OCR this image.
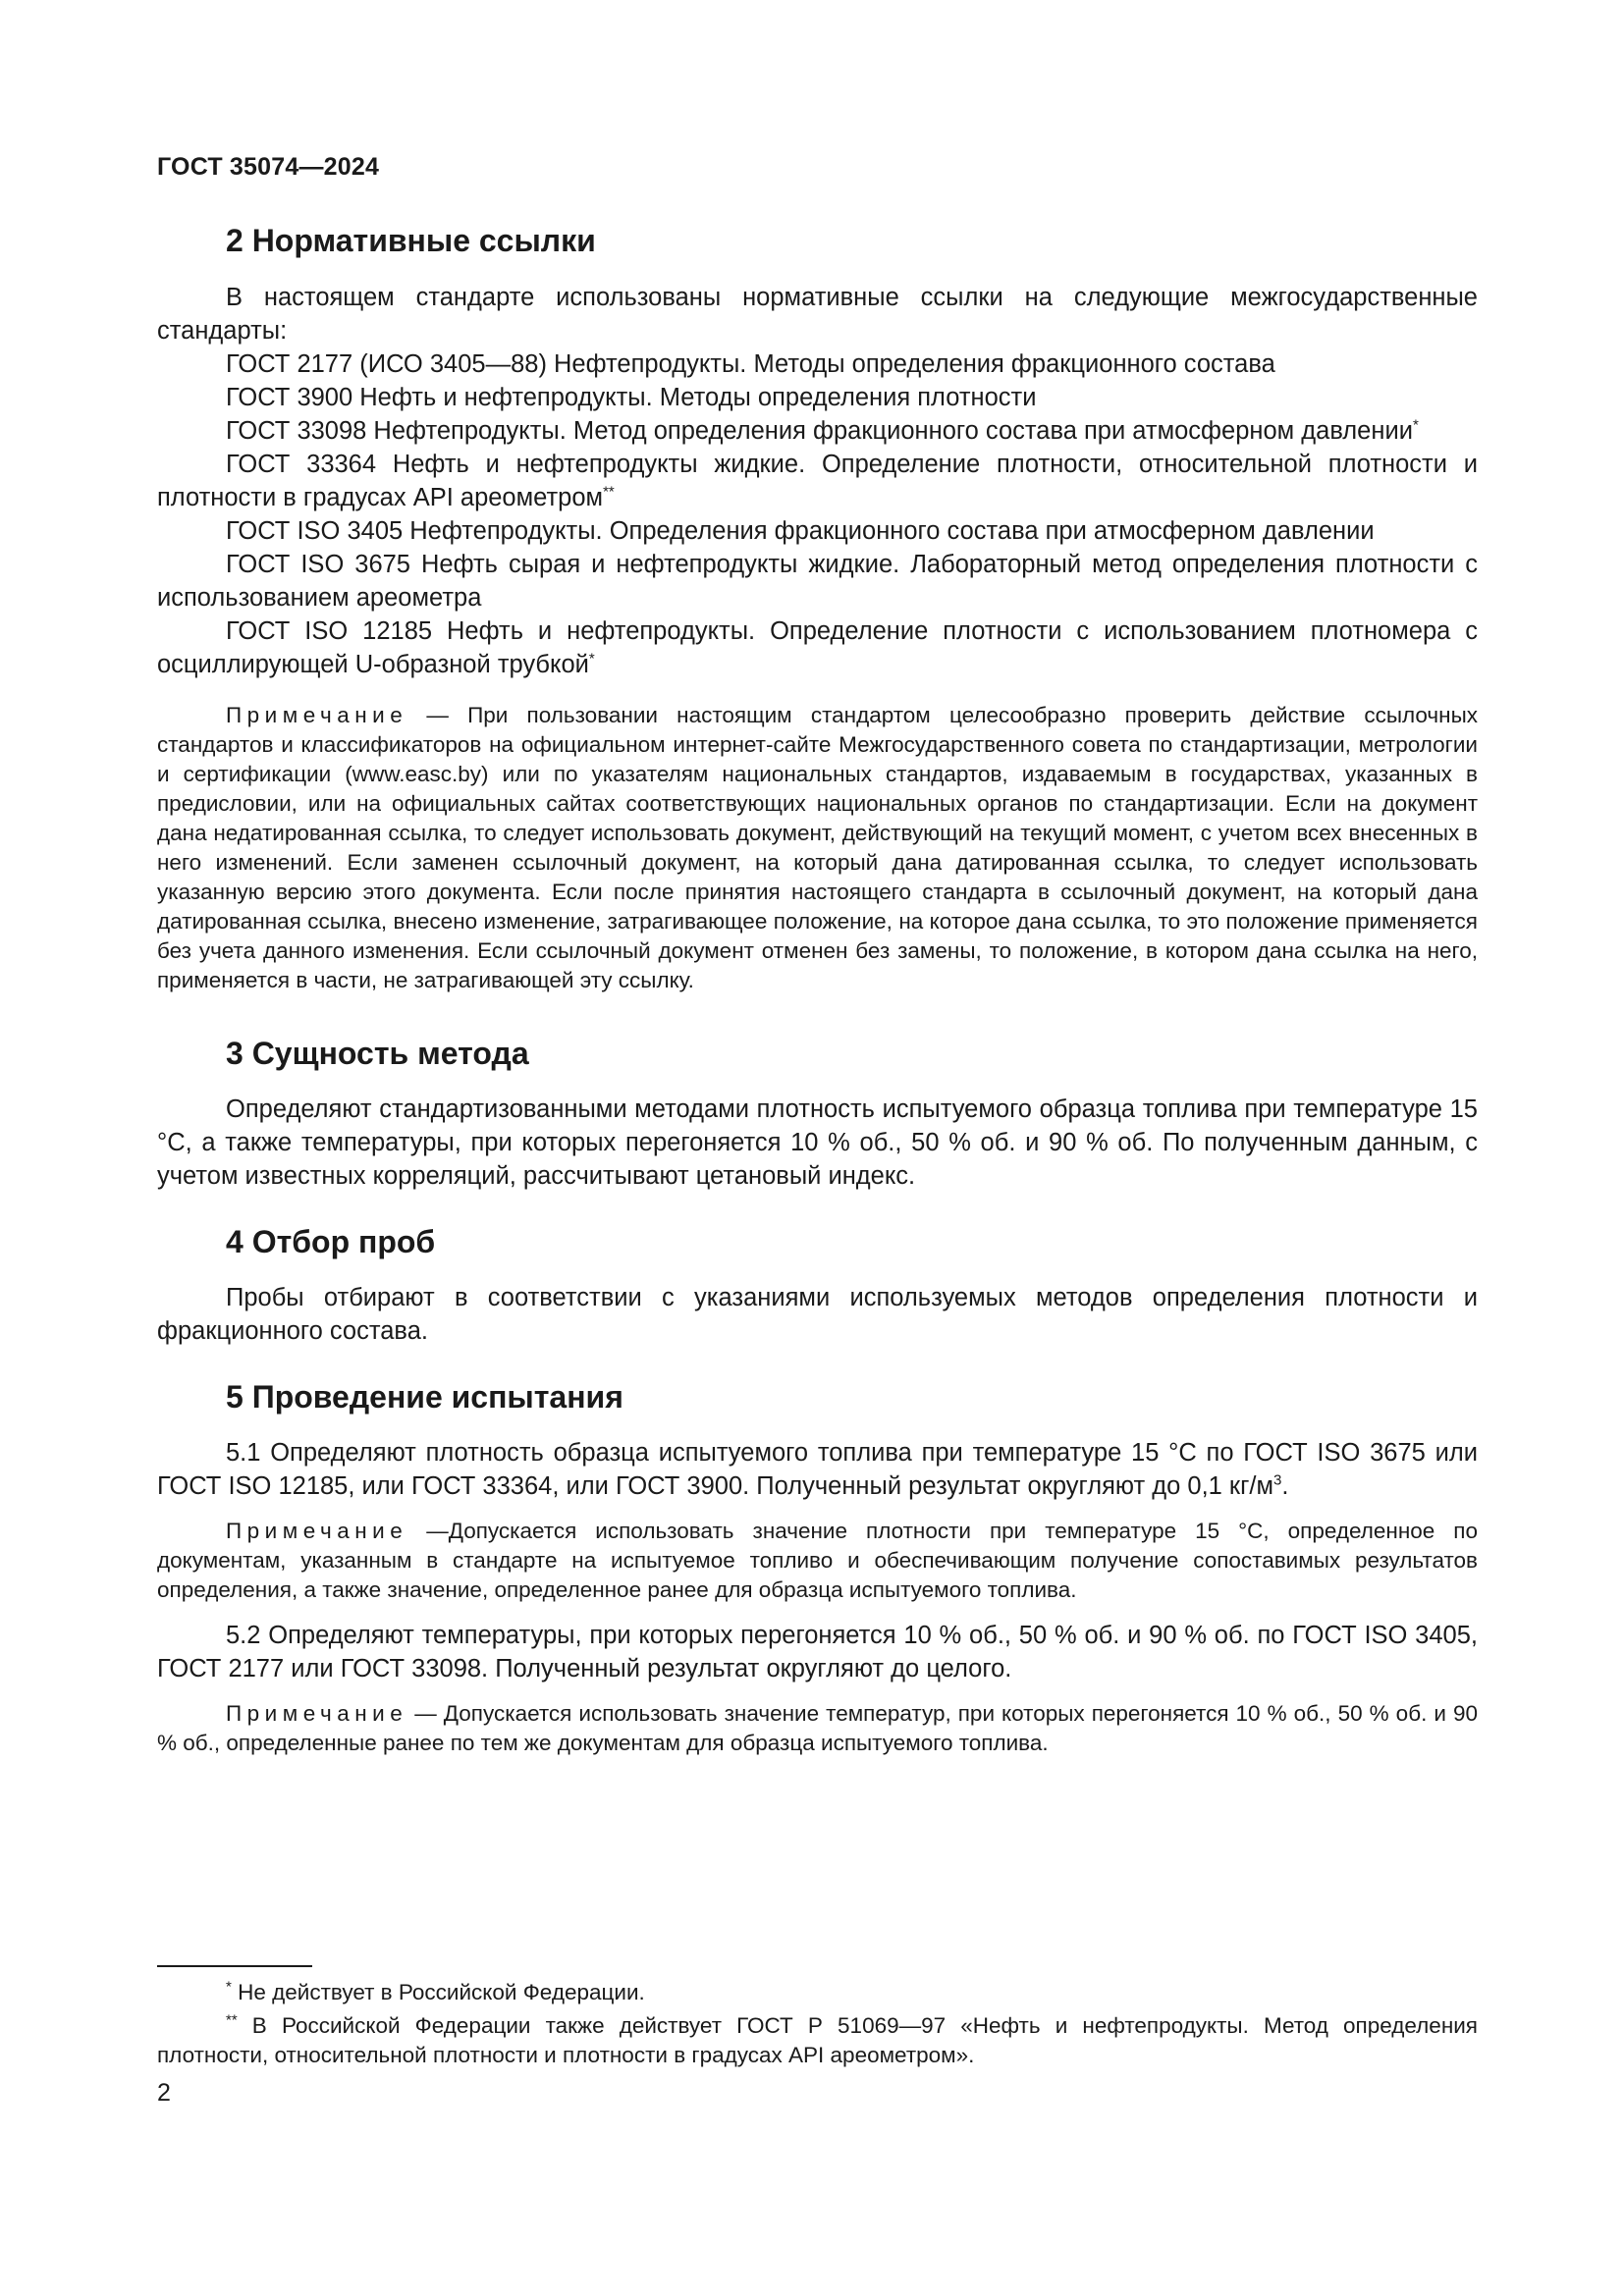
ГОСТ 35074—2024
2 Нормативные ссылки

В настоящем стандарте использованы нормативные ссылки на следующие межгосударственные стандарты:

ГОСТ 2177 (ИСО 3405—88) Нефтепродукты. Методы определения фракционного состава

ГОСТ 3900 Нефть и нефтепродукты. Методы определения плотности

ГОСТ 33098 Нефтепродукты. Метод определения фракционного состава при атмосферном давлении*

ГОСТ 33364 Нефть и нефтепродукты жидкие. Определение плотности, относительной плотности и плотности в градусах API ареометром**

ГОСТ ISO 3405 Нефтепродукты. Определения фракционного состава при атмосферном давлении

ГОСТ ISO 3675 Нефть сырая и нефтепродукты жидкие. Лабораторный метод определения плотности с использованием ареометра

ГОСТ ISO 12185 Нефть и нефтепродукты. Определение плотности с использованием плотномера с осциллирующей U-образной трубкой*

Примечание — При пользовании настоящим стандартом целесообразно проверить действие ссылочных стандартов и классификаторов на официальном интернет-сайте Межгосударственного совета по стандартизации, метрологии и сертификации (www.easc.by) или по указателям национальных стандартов, издаваемым в государствах, указанных в предисловии, или на официальных сайтах соответствующих национальных органов по стандартизации. Если на документ дана недатированная ссылка, то следует использовать документ, действующий на текущий момент, с учетом всех внесенных в него изменений. Если заменен ссылочный документ, на который дана датированная ссылка, то следует использовать указанную версию этого документа. Если после принятия настоящего стандарта в ссылочный документ, на который дана датированная ссылка, внесено изменение, затрагивающее положение, на которое дана ссылка, то это положение применяется без учета данного изменения. Если ссылочный документ отменен без замены, то положение, в котором дана ссылка на него, применяется в части, не затрагивающей эту ссылку.

3 Сущность метода

Определяют стандартизованными методами плотность испытуемого образца топлива при температуре 15 °C, а также температуры, при которых перегоняется 10 % об., 50 % об. и 90 % об. По полученным данным, с учетом известных корреляций, рассчитывают цетановый индекс.

4 Отбор проб

Пробы отбирают в соответствии с указаниями используемых методов определения плотности и фракционного состава.

5 Проведение испытания

5.1 Определяют плотность образца испытуемого топлива при температуре 15 °C по ГОСТ ISO 3675 или ГОСТ ISO 12185, или ГОСТ 33364, или ГОСТ 3900. Полученный результат округляют до 0,1 $кг/м^3$.

Примечание —Допускается использовать значение плотности при температуре 15 °C, определенное по документам, указанным в стандарте на испытуемое топливо и обеспечивающим получение сопоставимых результатов определения, а также значение, определенное ранее для образца испытуемого топлива.

5.2 Определяют температуры, при которых перегоняется 10 % об., 50 % об. и 90 % об. по ГОСТ ISO 3405, ГОСТ 2177 или ГОСТ 33098. Полученный результат округляют до целого.

Примечание — Допускается использовать значение температур, при которых перегоняется 10 % об., 50 % об. и 90 % об., определенные ранее по тем же документам для образца испытуемого топлива.

* Не действует в Российской Федерации.

** В Российской Федерации также действует ГОСТ Р 51069—97 «Нефть и нефтепродукты. Метод определения плотности, относительной плотности и плотности в градусах API ареометром».

2
